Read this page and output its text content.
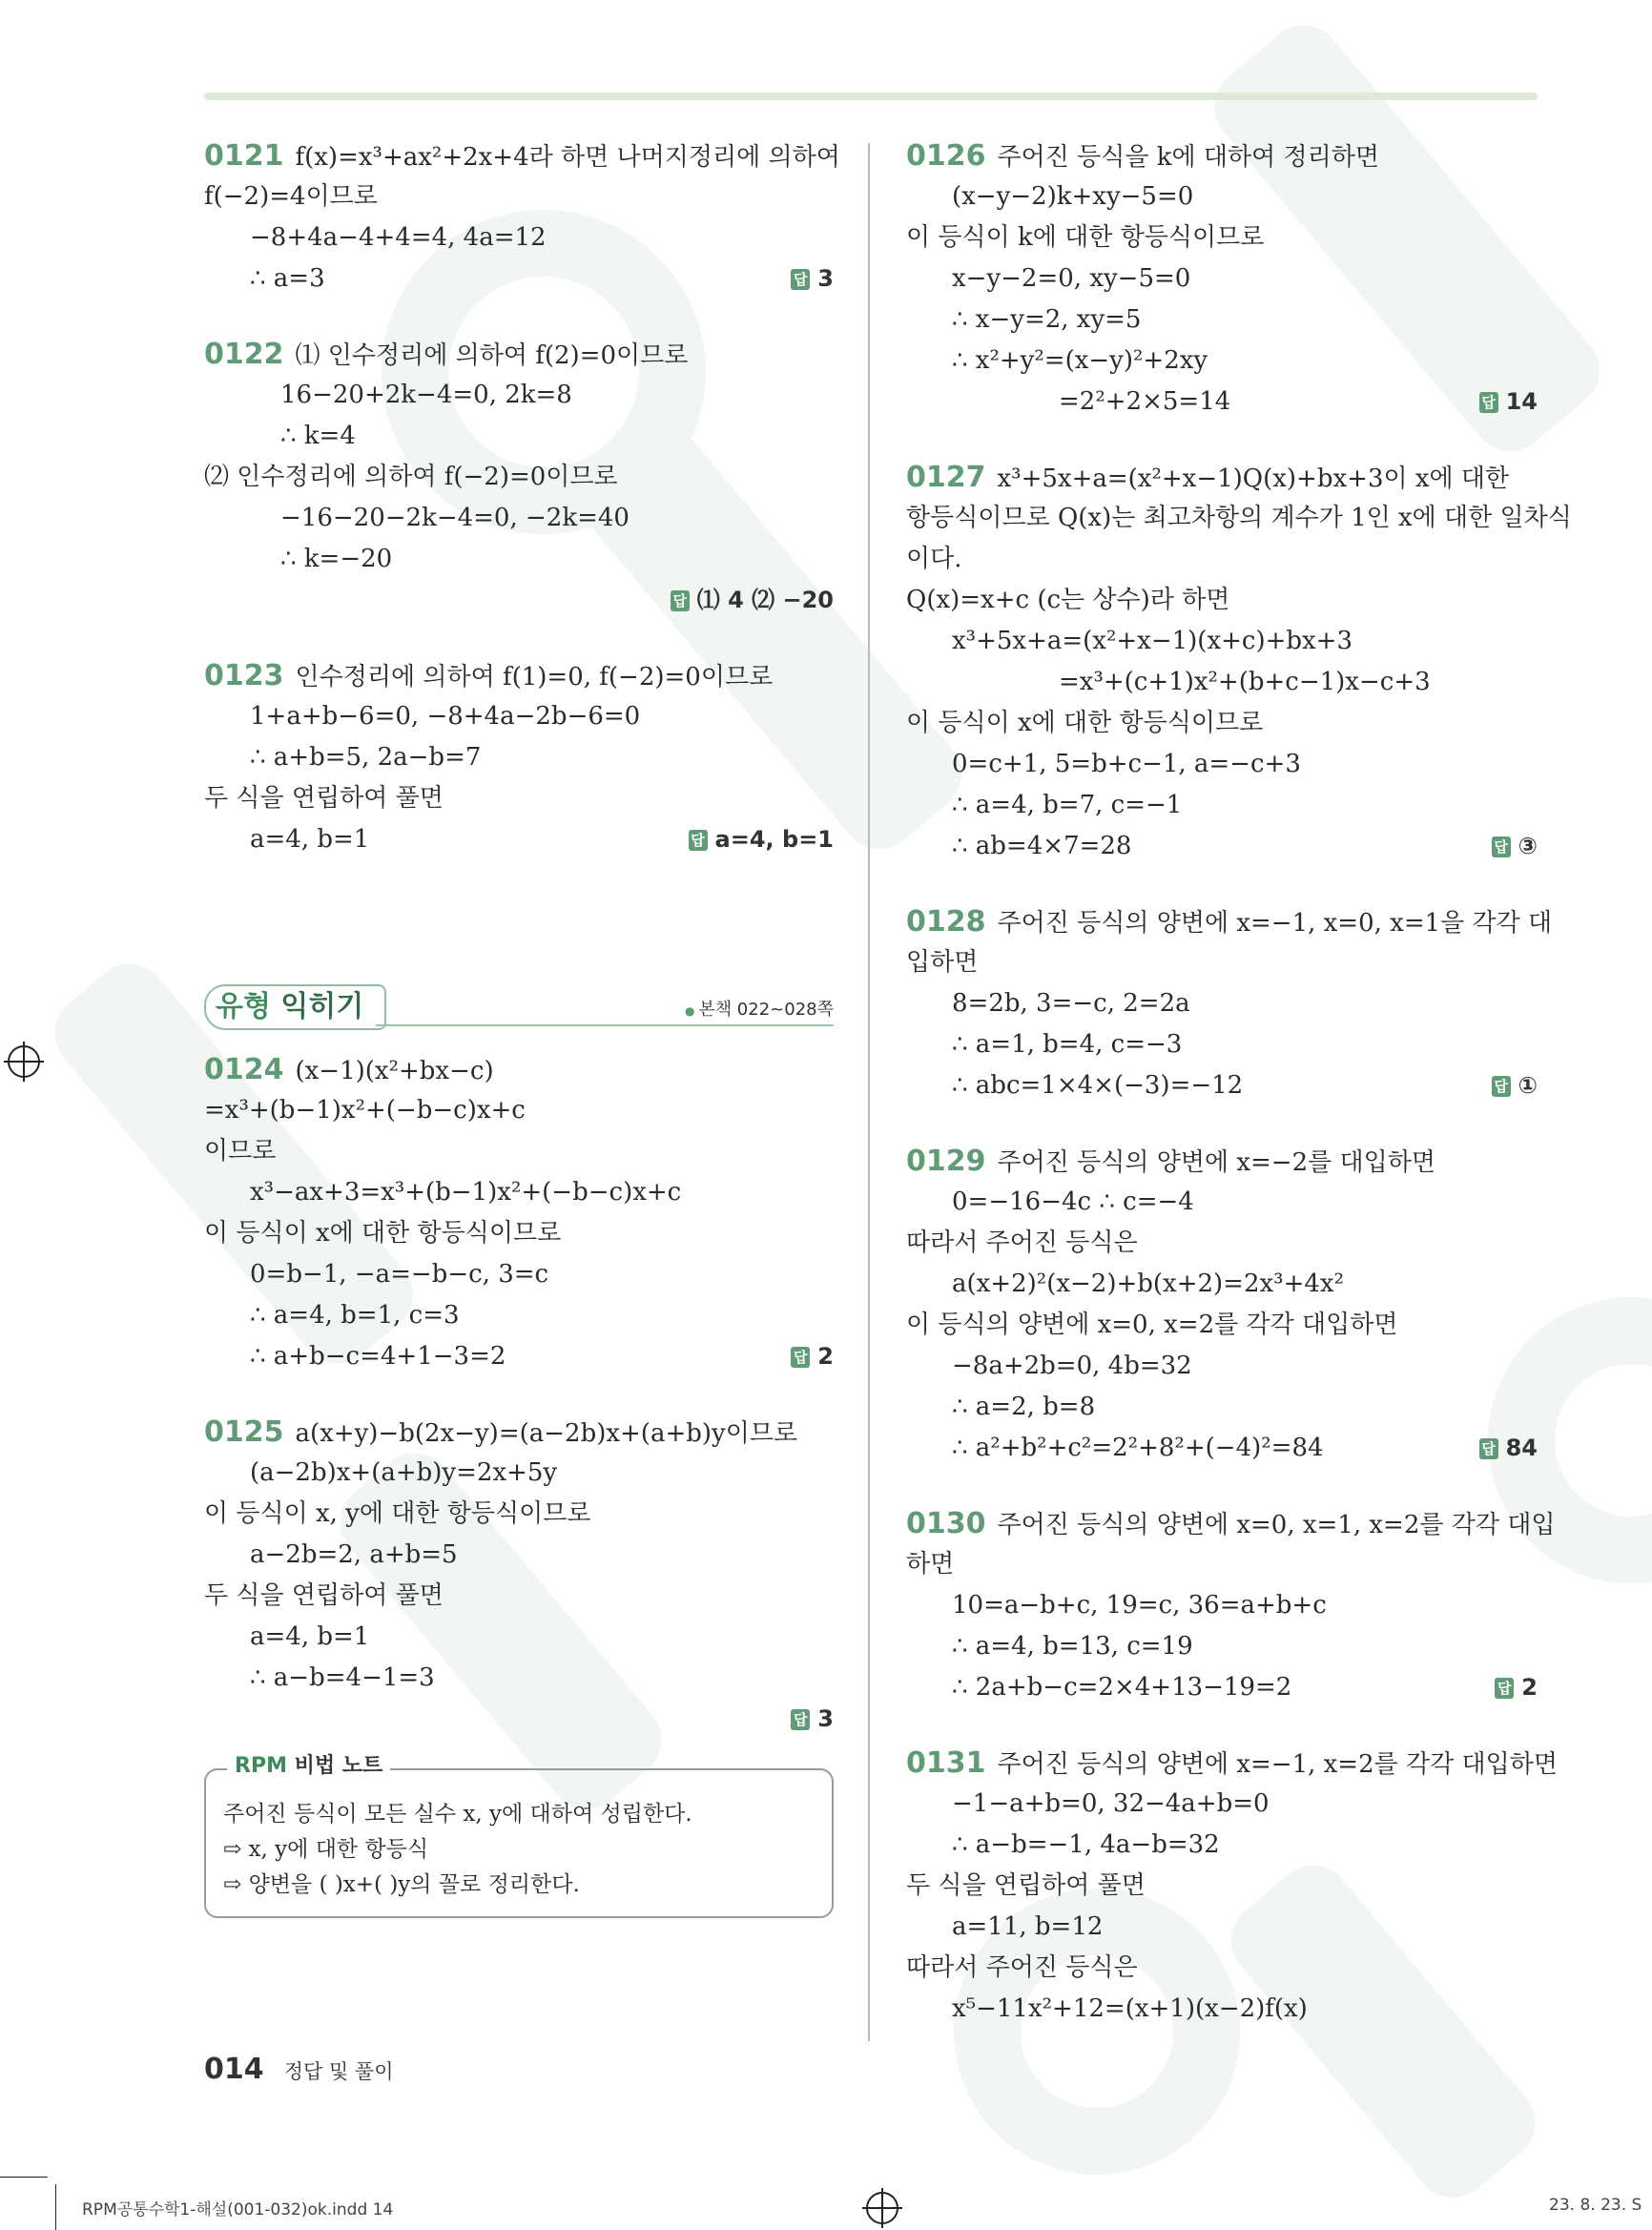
0121 f(x)=x³+ax²+2x+4라 하면 나머지정리에 의하여
f(−2)=4이므로
−8+4a−4+4=4, 4a=12
∴ a=3	답 3
0122 ⑴ 인수정리에 의하여 f(2)=0이므로
16−20+2k−4=0, 2k=8
∴ k=4
⑵ 인수정리에 의하여 f(−2)=0이므로
−16−20−2k−4=0, −2k=40
∴ k=−20
답 ⑴ 4 ⑵ −20
0123 인수정리에 의하여 f(1)=0, f(−2)=0이므로
1+a+b−6=0, −8+4a−2b−6=0
∴ a+b=5, 2a−b=7
두 식을 연립하여 풀면
a=4, b=1	답 a=4, b=1
유형 익히기
●	본책 022~028쪽
0124 (x−1)(x²+bx−c)
=x³+(b−1)x²+(−b−c)x+c
이므로
x³−ax+3=x³+(b−1)x²+(−b−c)x+c
이 등식이 x에 대한 항등식이므로
0=b−1, −a=−b−c, 3=c
∴ a=4, b=1, c=3
∴ a+b−c=4+1−3=2	답 2
0125 a(x+y)−b(2x−y)=(a−2b)x+(a+b)y이므로
(a−2b)x+(a+b)y=2x+5y
이 등식이 x, y에 대한 항등식이므로
a−2b=2, a+b=5
두 식을 연립하여 풀면
a=4, b=1
∴ a−b=4−1=3
답 3
RPM 비법 노트
주어진 등식이 모든 실수 x, y에 대하여 성립한다.
⇨ x, y에 대한 항등식
⇨ 양변을 ( )x+( )y의 꼴로 정리한다.
0126 주어진 등식을 k에 대하여 정리하면
(x−y−2)k+xy−5=0
이 등식이 k에 대한 항등식이므로
x−y−2=0, xy−5=0
∴ x−y=2, xy=5
∴ x²+y²=(x−y)²+2xy
=2²+2×5=14	답 14
0127 x³+5x+a=(x²+x−1)Q(x)+bx+3이 x에 대한
항등식이므로 Q(x)는 최고차항의 계수가 1인 x에 대한 일차식
이다.
Q(x)=x+c (c는 상수)라 하면
x³+5x+a=(x²+x−1)(x+c)+bx+3
=x³+(c+1)x²+(b+c−1)x−c+3
이 등식이 x에 대한 항등식이므로
0=c+1, 5=b+c−1, a=−c+3
∴ a=4, b=7, c=−1
∴ ab=4×7=28	답 ③
0128 주어진 등식의 양변에 x=−1, x=0, x=1을 각각 대
입하면
8=2b, 3=−c, 2=2a
∴ a=1, b=4, c=−3
∴ abc=1×4×(−3)=−12	답 ①
0129 주어진 등식의 양변에 x=−2를 대입하면
0=−16−4c ∴ c=−4
따라서 주어진 등식은
a(x+2)²(x−2)+b(x+2)=2x³+4x²
이 등식의 양변에 x=0, x=2를 각각 대입하면
−8a+2b=0, 4b=32
∴ a=2, b=8
∴ a²+b²+c²=2²+8²+(−4)²=84	답 84
0130 주어진 등식의 양변에 x=0, x=1, x=2를 각각 대입
하면
10=a−b+c, 19=c, 36=a+b+c
∴ a=4, b=13, c=19
∴ 2a+b−c=2×4+13−19=2	답 2
0131 주어진 등식의 양변에 x=−1, x=2를 각각 대입하면
−1−a+b=0, 32−4a+b=0
∴ a−b=−1, 4a−b=32
두 식을 연립하여 풀면
a=11, b=12
따라서 주어진 등식은
x⁵−11x²+12=(x+1)(x−2)f(x)
014 정답 및 풀이
RPM공통수학1-해설(001-032)ok.indd 14	23. 8. 23. S
